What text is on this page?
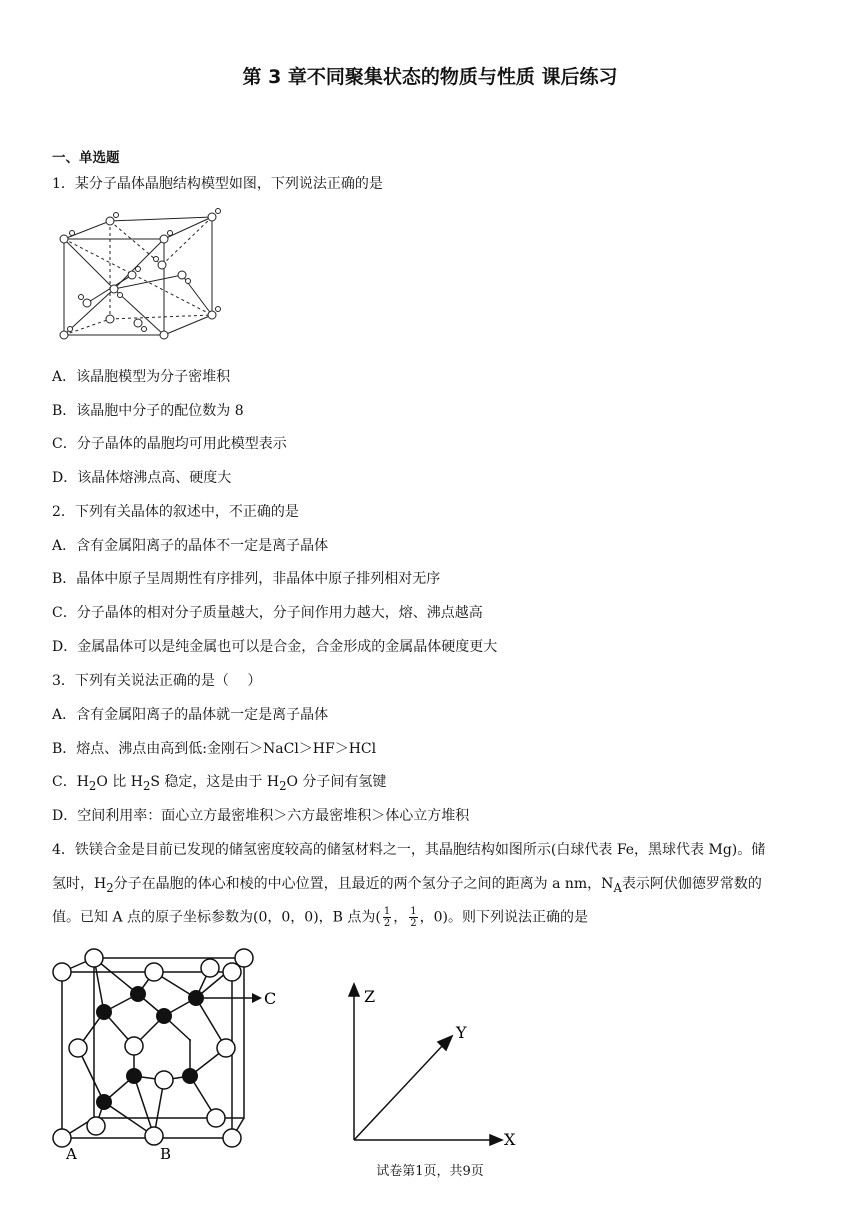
第 3 章不同聚集状态的物质与性质 课后练习
一、单选题
1．某分子晶体晶胞结构模型如图，下列说法正确的是
A．该晶胞模型为分子密堆积
B．该晶胞中分子的配位数为 8
C．分子晶体的晶胞均可用此模型表示
D．该晶体熔沸点高、硬度大
2．下列有关晶体的叙述中，不正确的是
A．含有金属阳离子的晶体不一定是离子晶体
B．晶体中原子呈周期性有序排列，非晶体中原子排列相对无序
C．分子晶体的相对分子质量越大，分子间作用力越大，熔、沸点越高
D．金属晶体可以是纯金属也可以是合金，合金形成的金属晶体硬度更大
3．下列有关说法正确的是（　 ）
A．含有金属阳离子的晶体就一定是离子晶体
B．熔点、沸点由高到低:金刚石＞NaCl＞HF＞HCl
C．$H_2O$ 比 $H_2S$ 稳定，这是由于 $H_2O$ 分子间有氢键
D．空间利用率：面心立方最密堆积＞六方最密堆积＞体心立方堆积
4．铁镁合金是目前已发现的储氢密度较高的储氢材料之一，其晶胞结构如图所示(白球代表 Fe，黑球代表 Mg)。储
氢时，$H_2$分子在晶胞的体心和棱的中心位置，且最近的两个氢分子之间的距离为 a nm，$N_A$表示阿伏伽德罗常数的
值。已知 A 点的原子坐标参数为(0，0，0)，B 点为( $\frac{1}{2}$ ， $\frac{1}{2}$ ，0)。则下列说法正确的是
C
A	B
Z
Y
X
试卷第1页，共9页
